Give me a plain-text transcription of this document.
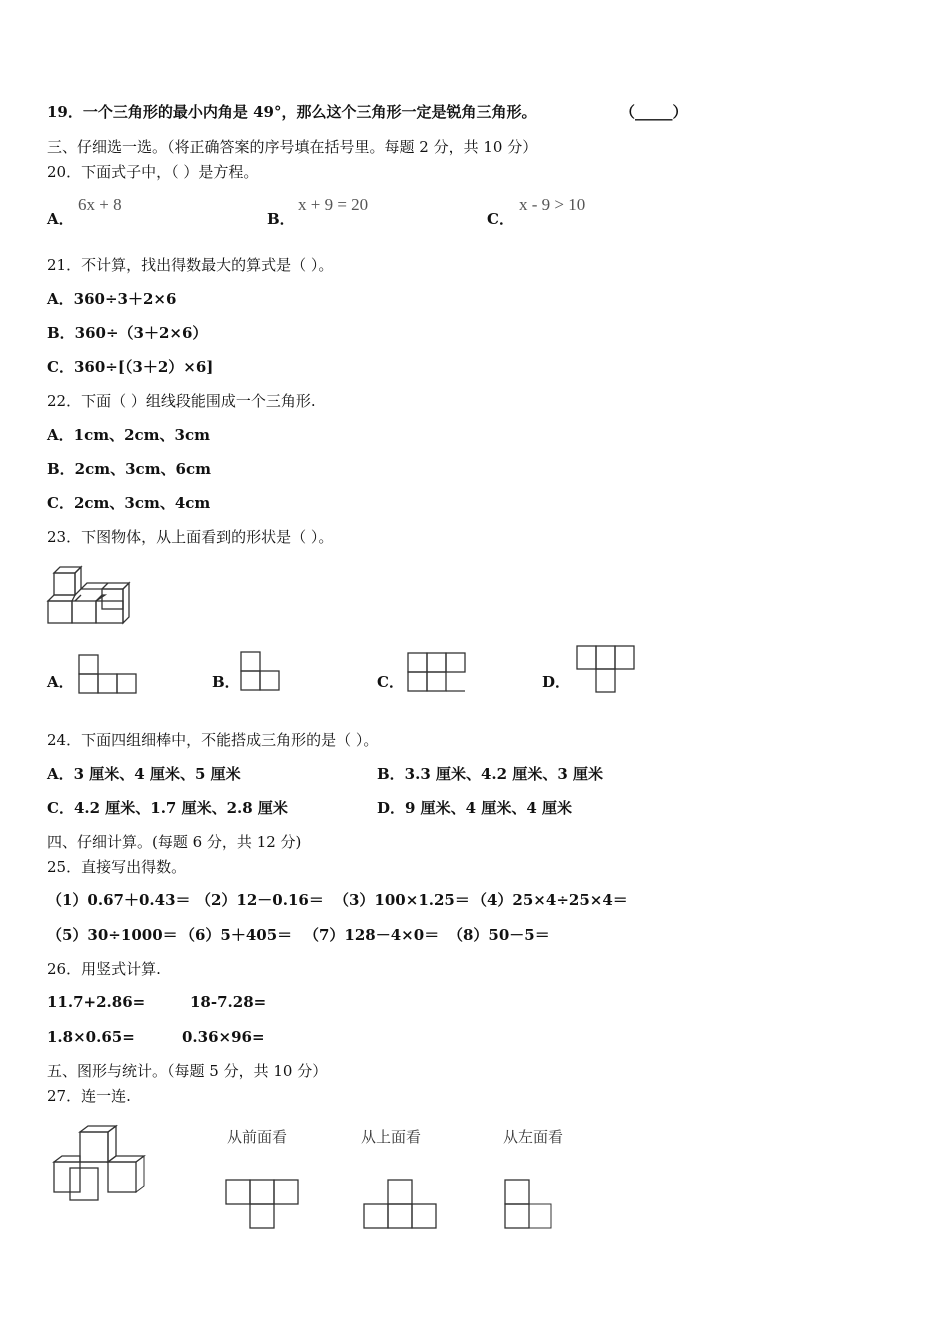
19．一个三角形的最小内角是 49°，那么这个三角形一定是锐角三角形。	（_____）
三、仔细选一选。（将正确答案的序号填在括号里。每题 2 分，共 10 分）
20．下面式子中，（ ）是方程。
A．
6x + 8
B．
x + 9 = 20
C．
x - 9 > 10
21．不计算，找出得数最大的算式是（ ）。
A．360÷3＋2×6
B．360÷（3＋2×6）
C．360÷[（3＋2）×6]
22．下面（ ）组线段能围成一个三角形.
A．1cm、2cm、3cm
B．2cm、3cm、6cm
C．2cm、3cm、4cm
23．下图物体，从上面看到的形状是（ ）。
A．	B．	C．	D．
24．下面四组细棒中，不能搭成三角形的是（ ）。
A．3 厘米、4 厘米、5 厘米	B．3.3 厘米、4.2 厘米、3 厘米
C．4.2 厘米、1.7 厘米、2.8 厘米	D．9 厘米、4 厘米、4 厘米
四、仔细计算。(每题 6 分，共 12 分)
25．直接写出得数。
（1）0.67＋0.43＝ （2）12－0.16＝ （3）100×1.25＝ （4）25×4÷25×4＝
（5）30÷1000＝ （6）5＋405＝ （7）128－4×0＝ （8）50－5＝
26．用竖式计算.
11.7+2.86=	18-7.28=
1.8×0.65=	0.36×96=
五、图形与统计。（每题 5 分，共 10 分）
27．连一连.
从前面看	从上面看	从左面看
